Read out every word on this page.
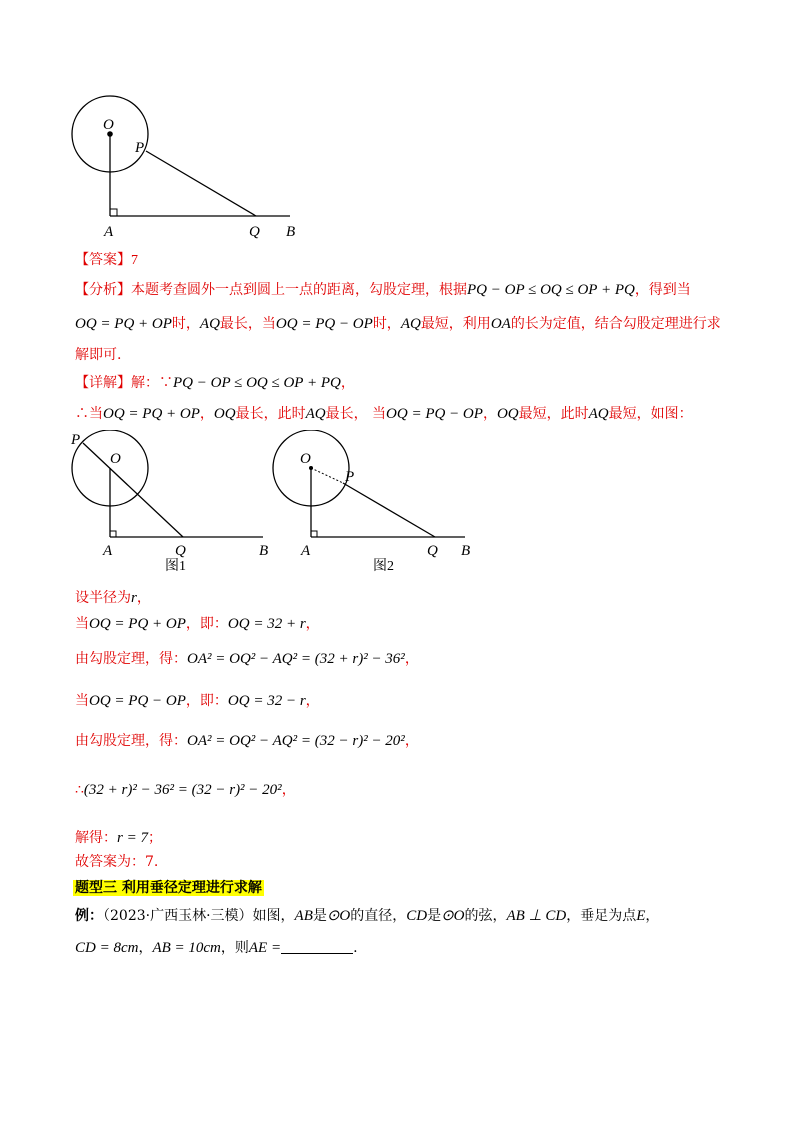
O
P
A	Q B
【答案】7
【分析】本题考查圆外一点到圆上一点的距离，勾股定理，根据PQ − OP ≤ OQ ≤ OP + PQ，得到当
OQ = PQ + OP时，AQ最长，当OQ = PQ − OP时，AQ最短，利用OA的长为定值，结合勾股定理进行求
解即可.
【详解】解：∵PQ − OP ≤ OQ ≤ OP + PQ，
∴当OQ = PQ + OP，OQ最长，此时AQ最长， 当OQ = PQ − OP，OQ最短，此时AQ最短，如图：
P
O
A	Q	B
图1
O
P
A	Q B
图2
设半径为r，
当OQ = PQ + OP，即：OQ = 32 + r，
由勾股定理，得：OA² = OQ² − AQ² = (32 + r)² − 36²，
当OQ = PQ − OP，即：OQ = 32 − r，
由勾股定理，得：OA² = OQ² − AQ² = (32 − r)² − 20²，
∴(32 + r)² − 36² = (32 − r)² − 20²，
解得：r = 7；
故答案为：7.
题型三 利用垂径定理进行求解
例：（2023·广西玉林·三模）如图，AB是⊙O的直径，CD是⊙O的弦，AB ⊥ CD，垂足为点E，
CD = 8cm，AB = 10cm，则AE =	.
